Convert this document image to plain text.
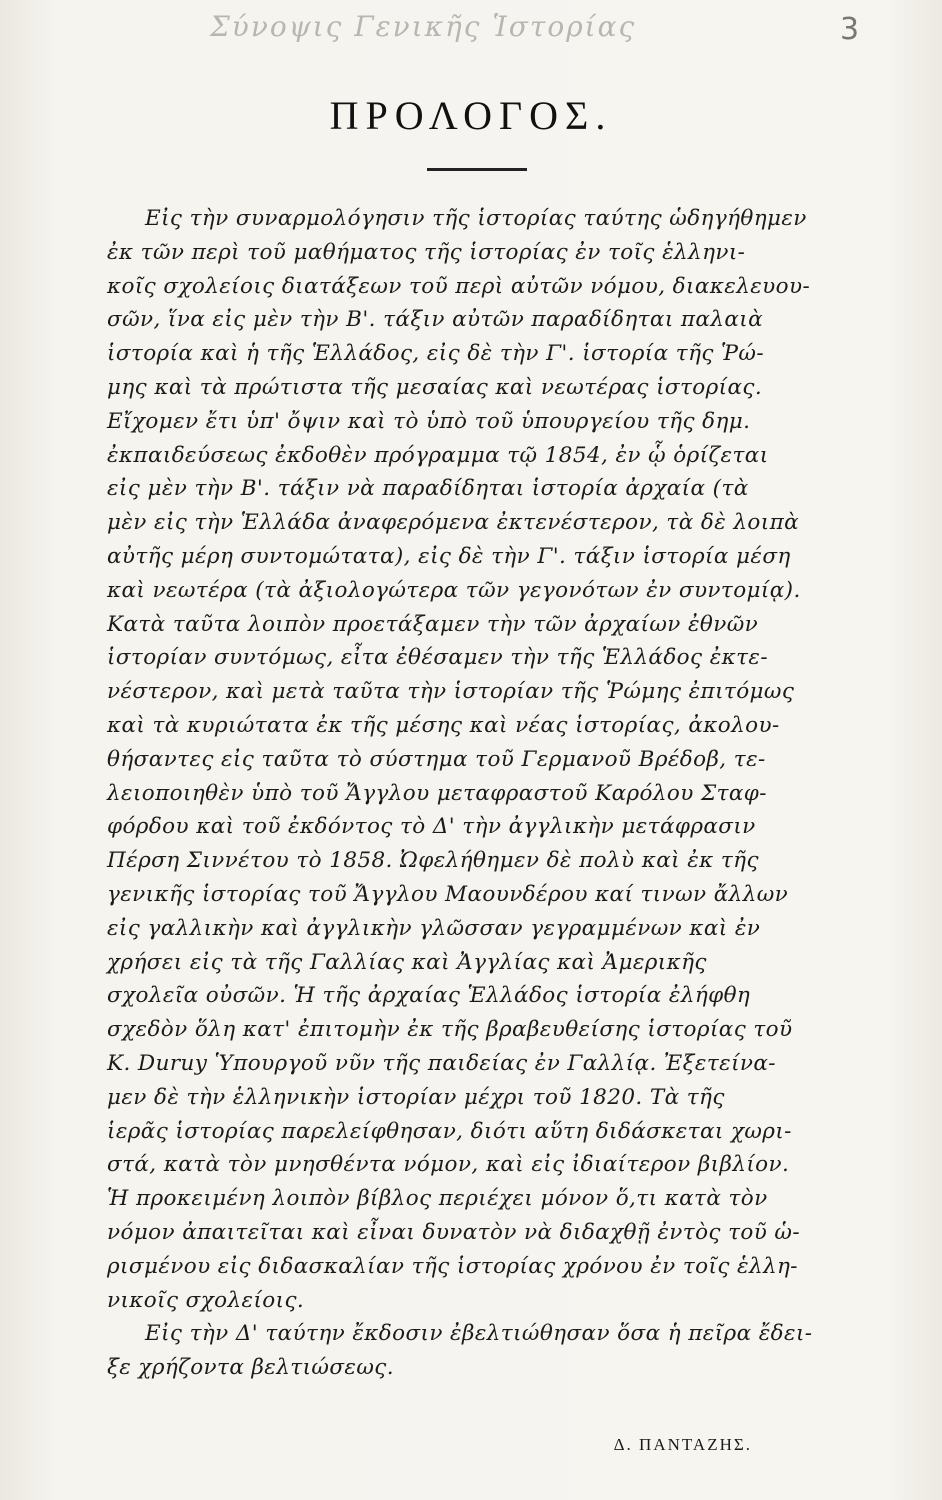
Σύνοψις Γενικῆς Ἱστορίας	3
ΠΡΟΛΟΓΟΣ.
Εἰς τὴν συναρμολόγησιν τῆς ἱστορίας ταύτης ὡδηγήθημεν
ἐκ τῶν περὶ τοῦ μαθήματος τῆς ἱστορίας ἐν τοῖς ἑλληνι-
κοῖς σχολείοις διατάξεων τοῦ περὶ αὐτῶν νόμου, διακελευου-
σῶν, ἵνα εἰς μὲν τὴν Β'. τάξιν αὐτῶν παραδίδηται παλαιὰ
ἱστορία καὶ ἡ τῆς Ἑλλάδος, εἰς δὲ τὴν Γ'. ἱστορία τῆς Ῥώ-
μης καὶ τὰ πρώτιστα τῆς μεσαίας καὶ νεωτέρας ἱστορίας.
Εἴχομεν ἔτι ὑπ' ὄψιν καὶ τὸ ὑπὸ τοῦ ὑπουργείου τῆς δημ.
ἐκπαιδεύσεως ἐκδοθὲν πρόγραμμα τῷ 1854, ἐν ᾧ ὁρίζεται
εἰς μὲν τὴν Β'. τάξιν νὰ παραδίδηται ἱστορία ἀρχαία (τὰ
μὲν εἰς τὴν Ἑλλάδα ἀναφερόμενα ἐκτενέστερον, τὰ δὲ λοιπὰ
αὐτῆς μέρη συντομώτατα), εἰς δὲ τὴν Γ'. τάξιν ἱστορία μέση
καὶ νεωτέρα (τὰ ἀξιολογώτερα τῶν γεγονότων ἐν συντομίᾳ).
Κατὰ ταῦτα λοιπὸν προετάξαμεν τὴν τῶν ἀρχαίων ἐθνῶν
ἱστορίαν συντόμως, εἶτα ἐθέσαμεν τὴν τῆς Ἑλλάδος ἐκτε-
νέστερον, καὶ μετὰ ταῦτα τὴν ἱστορίαν τῆς Ῥώμης ἐπιτόμως
καὶ τὰ κυριώτατα ἐκ τῆς μέσης καὶ νέας ἱστορίας, ἀκολου-
θήσαντες εἰς ταῦτα τὸ σύστημα τοῦ Γερμανοῦ Βρέδοβ, τε-
λειοποιηθὲν ὑπὸ τοῦ Ἄγγλου μεταφραστοῦ Καρόλου Σταφ-
φόρδου καὶ τοῦ ἐκδόντος τὸ Δ' τὴν ἀγγλικὴν μετάφρασιν
Πέρση Σιννέτου τὸ 1858. Ὠφελήθημεν δὲ πολὺ καὶ ἐκ τῆς
γενικῆς ἱστορίας τοῦ Ἄγγλου Μαουνδέρου καί τινων ἄλλων
εἰς γαλλικὴν καὶ ἀγγλικὴν γλῶσσαν γεγραμμένων καὶ ἐν
χρήσει εἰς τὰ τῆς Γαλλίας καὶ Ἀγγλίας καὶ Ἀμερικῆς
σχολεῖα οὐσῶν. Ἡ τῆς ἀρχαίας Ἑλλάδος ἱστορία ἐλήφθη
σχεδὸν ὅλη κατ' ἐπιτομὴν ἐκ τῆς βραβευθείσης ἱστορίας τοῦ
Κ. Duruy Ὑπουργοῦ νῦν τῆς παιδείας ἐν Γαλλίᾳ. Ἐξετείνα-
μεν δὲ τὴν ἑλληνικὴν ἱστορίαν μέχρι τοῦ 1820. Τὰ τῆς
ἱερᾶς ἱστορίας παρελείφθησαν, διότι αὕτη διδάσκεται χωρι-
στά, κατὰ τὸν μνησθέντα νόμον, καὶ εἰς ἰδιαίτερον βιβλίον.
Ἡ προκειμένη λοιπὸν βίβλος περιέχει μόνον ὅ,τι κατὰ τὸν
νόμον ἀπαιτεῖται καὶ εἶναι δυνατὸν νὰ διδαχθῇ ἐντὸς τοῦ ὡ-
ρισμένου εἰς διδασκαλίαν τῆς ἱστορίας χρόνου ἐν τοῖς ἑλλη-
νικοῖς σχολείοις.
Εἰς τὴν Δ' ταύτην ἔκδοσιν ἐβελτιώθησαν ὅσα ἡ πεῖρα ἔδει-
ξε χρήζοντα βελτιώσεως.
Δ. ΠΑΝΤΑΖΗΣ.
